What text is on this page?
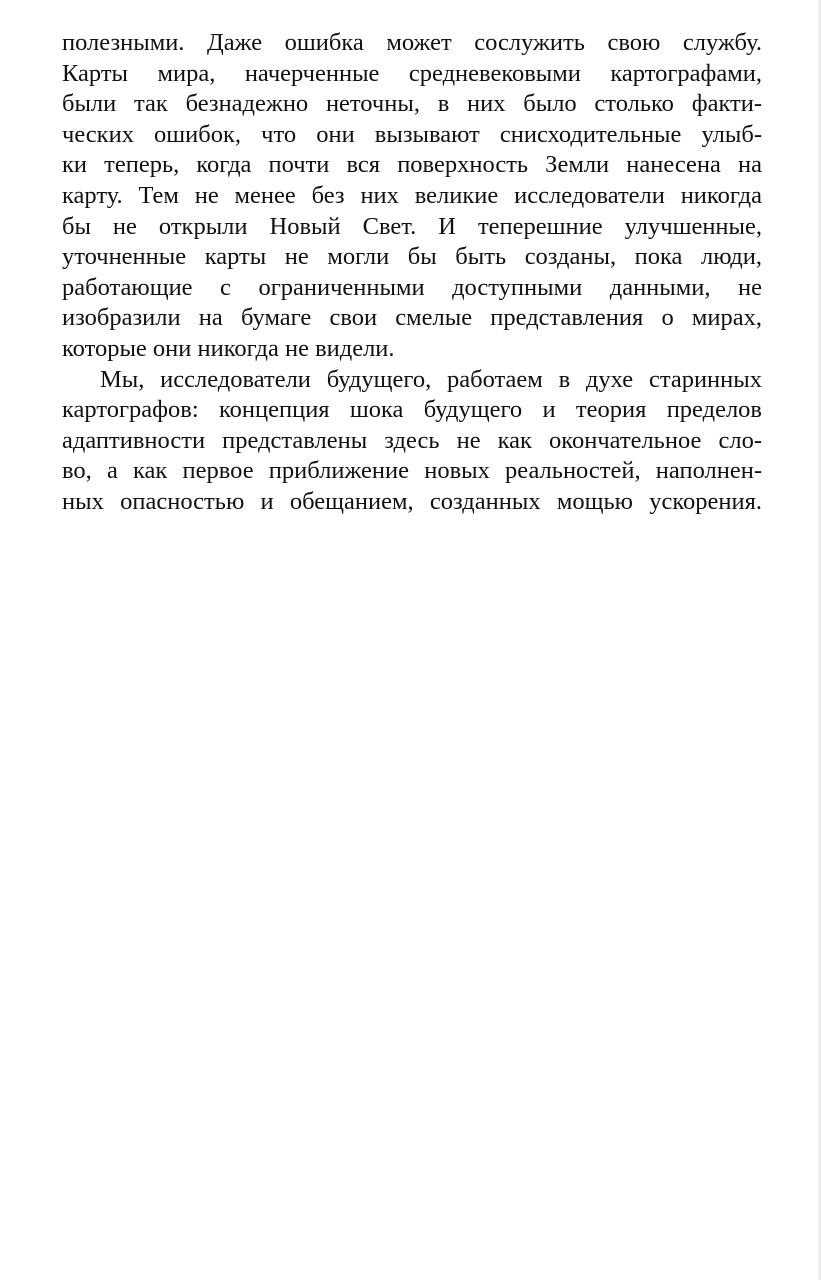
полезными. Даже ошибка может сослужить свою службу.
Карты мира, начерченные средневековыми картографами,
были так безнадежно неточны, в них было столько факти-
ческих ошибок, что они вызывают снисходительные улыб-
ки теперь, когда почти вся поверхность Земли нанесена на
карту. Тем не менее без них великие исследователи никогда
бы не открыли Новый Свет. И теперешние улучшенные,
уточненные карты не могли бы быть созданы, пока люди,
работающие с ограниченными доступными данными, не
изобразили на бумаге свои смелые представления о мирах,
которые они никогда не видели.
Мы, исследователи будущего, работаем в духе старинных
картографов: концепция шока будущего и теория пределов
адаптивности представлены здесь не как окончательное сло-
во, а как первое приближение новых реальностей, наполнен-
ных опасностью и обещанием, созданных мощью ускорения.
